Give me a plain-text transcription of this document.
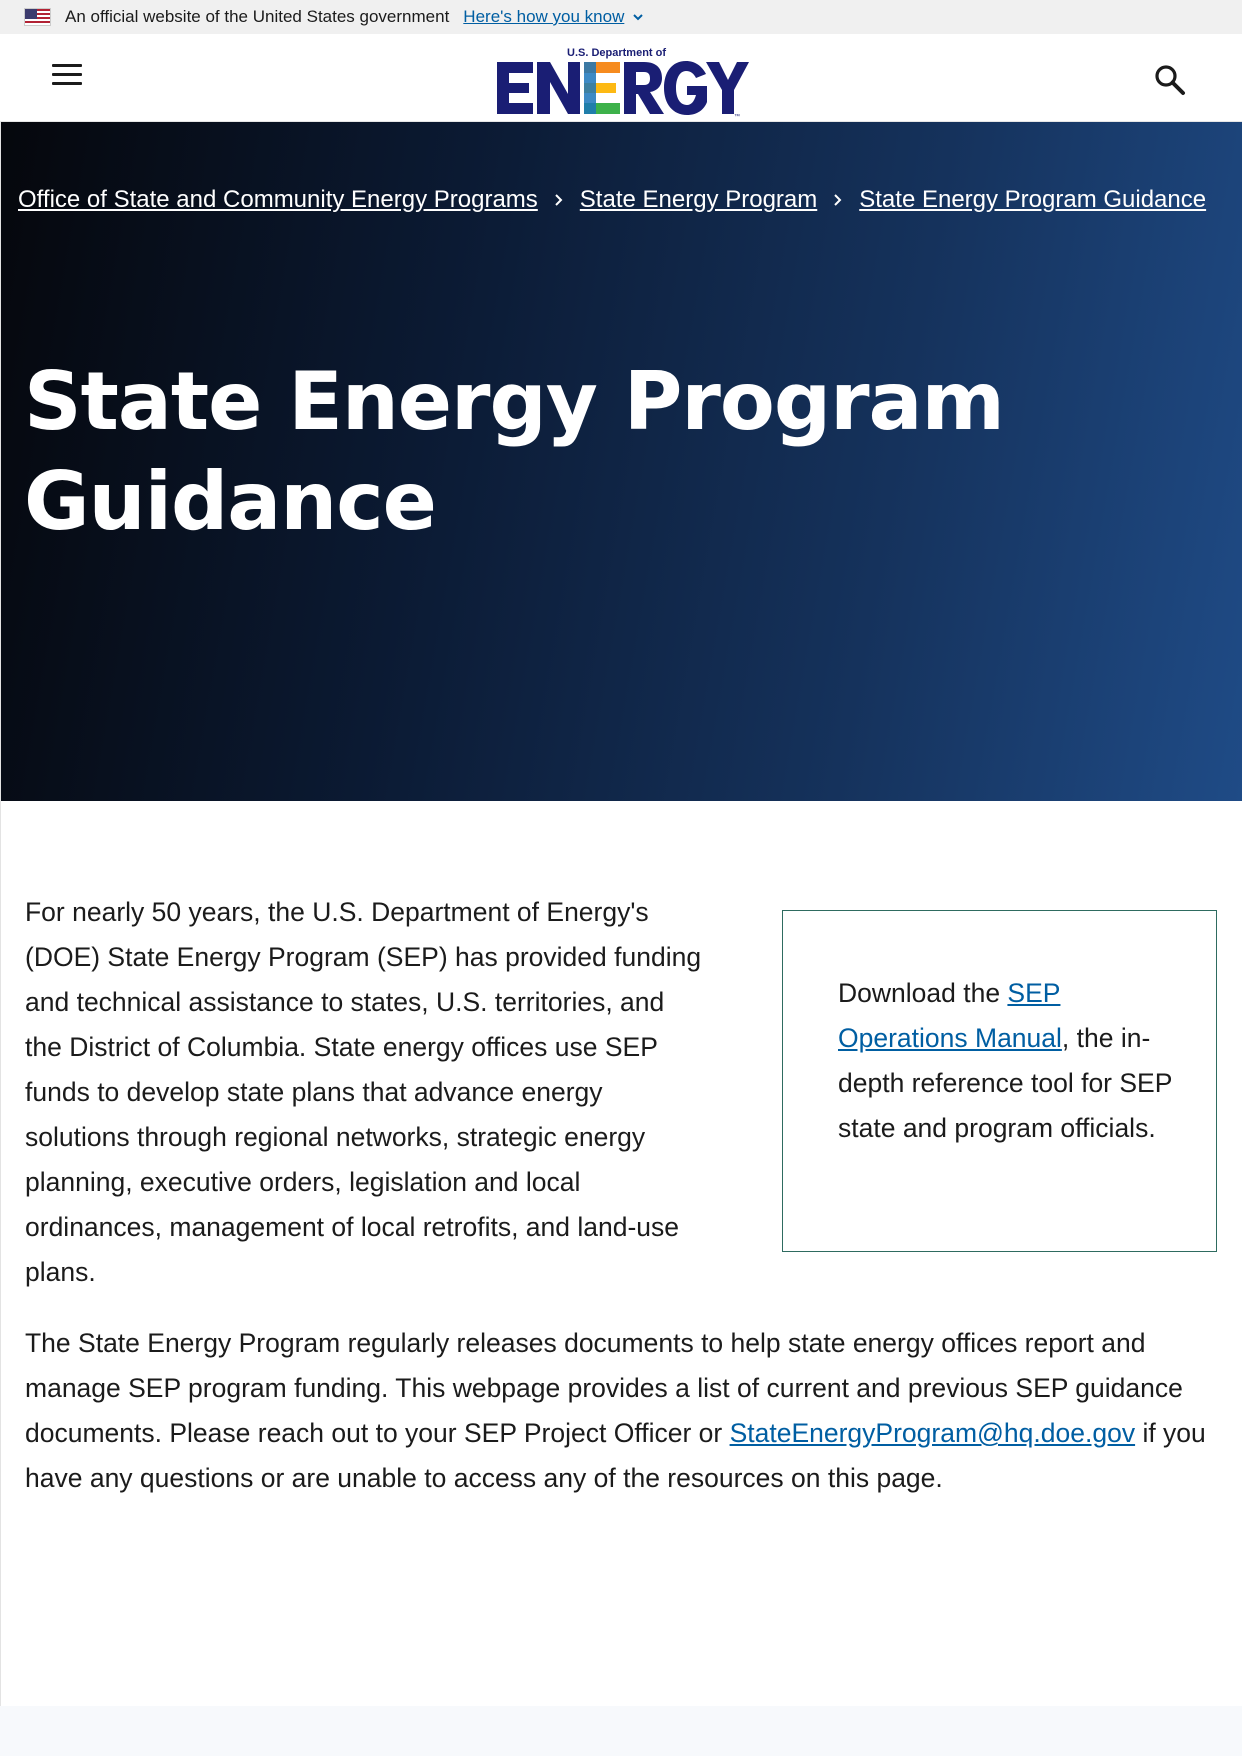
An official website of the United States government Here's how you know
U.S. Department of
™
Office of State and Community Energy Programs State Energy Program State Energy Program Guidance
State Energy Program
Guidance

For nearly 50 years, the U.S. Department of Energy's (DOE) State Energy Program (SEP) has provided funding and technical assistance to states, U.S. territories, and the District of Columbia. State energy offices use SEP funds to develop state plans that advance energy solutions through regional networks, strategic energy planning, executive orders, legislation and local ordinances, management of local retrofits, and land-use plans.

Download the SEP Operations Manual, the in-depth reference tool for SEP state and program officials.

The State Energy Program regularly releases documents to help state energy offices report and manage SEP program funding. This webpage provides a list of current and previous SEP guidance documents. Please reach out to your SEP Project Officer or StateEnergyProgram@hq.doe.gov if you have any questions or are unable to access any of the resources on this page.
